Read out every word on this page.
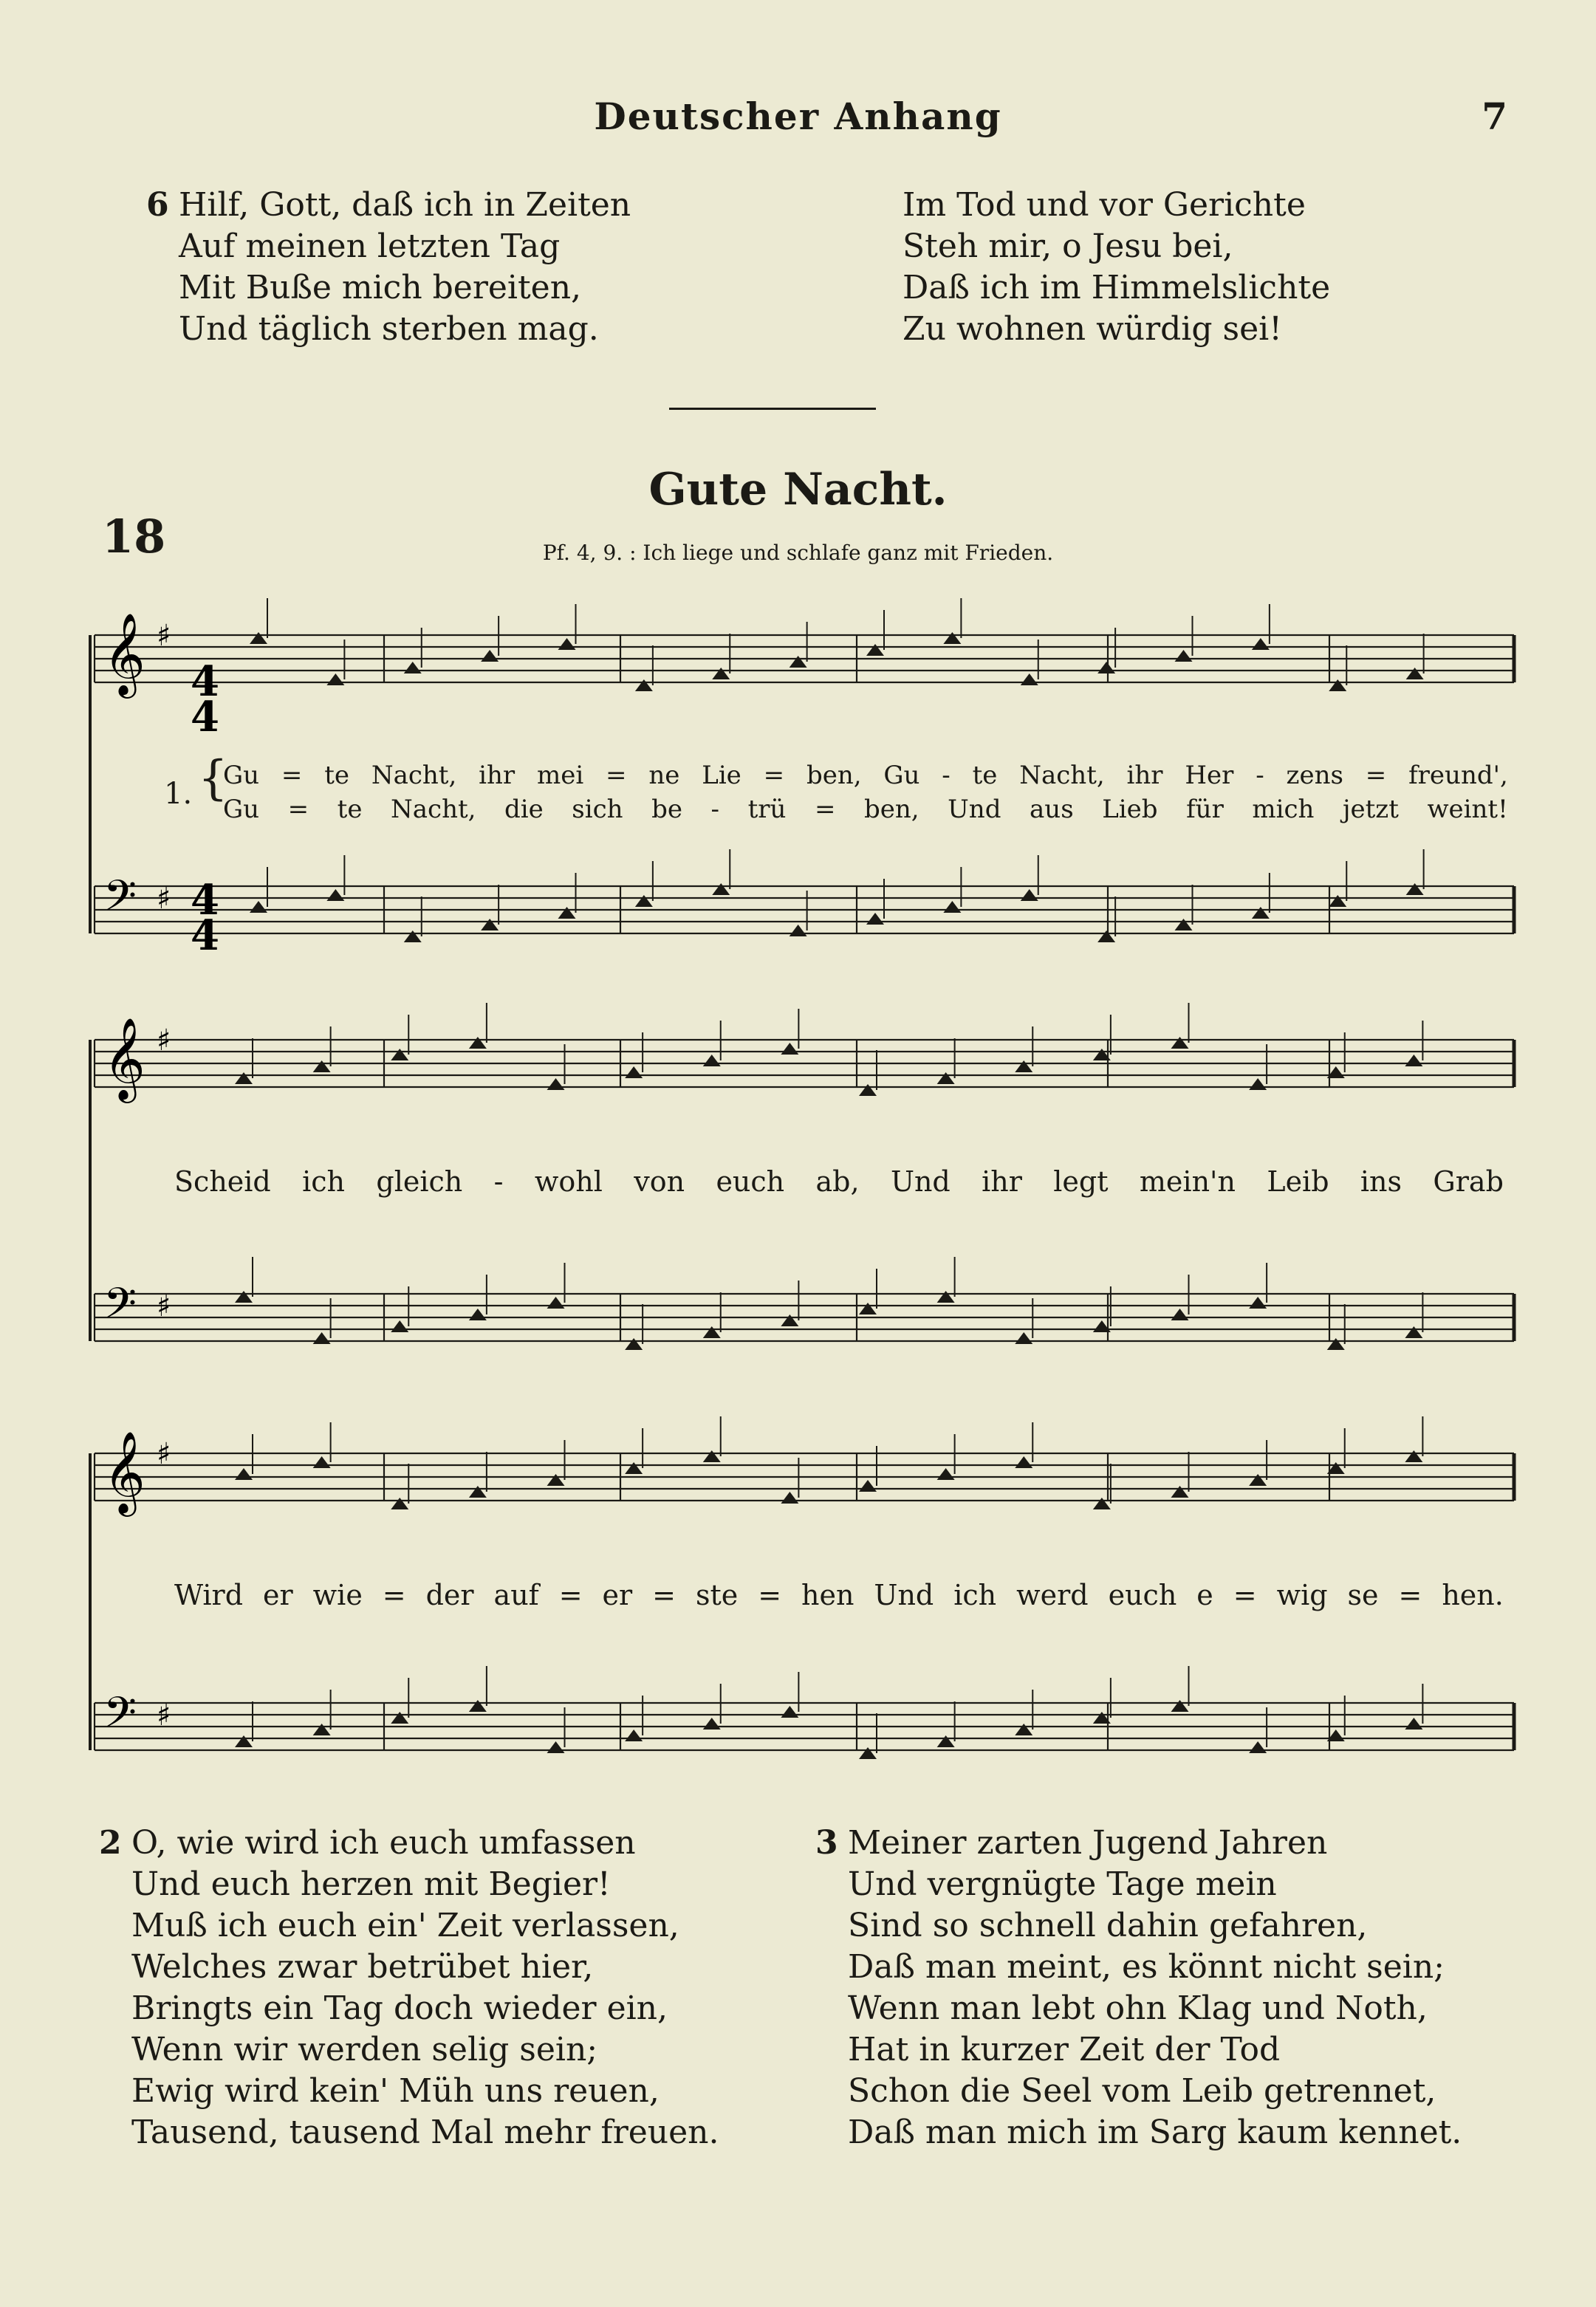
Deutscher Anhang	7
6 Hilf, Gott, daß ich in Zeiten
Auf meinen letzten Tag
Mit Buße mich bereiten,
Und täglich sterben mag.
Im Tod und vor Gerichte
Steh mir, o Jesu bei,
Daß ich im Himmelslichte
Zu wohnen würdig sei!
18
Gute Nacht.
Pf. 4, 9. : Ich liege und schlafe ganz mit Frieden.
𝄞 ♯
𝄢 ♯
𝄞 ♯
𝄢 ♯
𝄞 ♯
𝄢 ♯
4
4
4
4
1. {
Gu = te Nacht, ihr mei = ne Lie = ben, Gu - te Nacht, ihr Her - zens = freund',
Gu = te Nacht, die sich be - trü = ben, Und aus Lieb für mich jetzt weint!
Scheid ich gleich - wohl von euch ab, Und ihr legt mein'n Leib ins Grab
Wird er wie = der auf = er = ste = hen Und ich werd euch e = wig se = hen.
2 O, wie wird ich euch umfassen
Und euch herzen mit Begier!
Muß ich euch ein' Zeit verlassen,
Welches zwar betrübet hier,
Bringts ein Tag doch wieder ein,
Wenn wir werden selig sein;
Ewig wird kein' Müh uns reuen,
Tausend, tausend Mal mehr freuen.
3 Meiner zarten Jugend Jahren
Und vergnügte Tage mein
Sind so schnell dahin gefahren,
Daß man meint, es könnt nicht sein;
Wenn man lebt ohn Klag und Noth,
Hat in kurzer Zeit der Tod
Schon die Seel vom Leib getrennet,
Daß man mich im Sarg kaum kennet.
